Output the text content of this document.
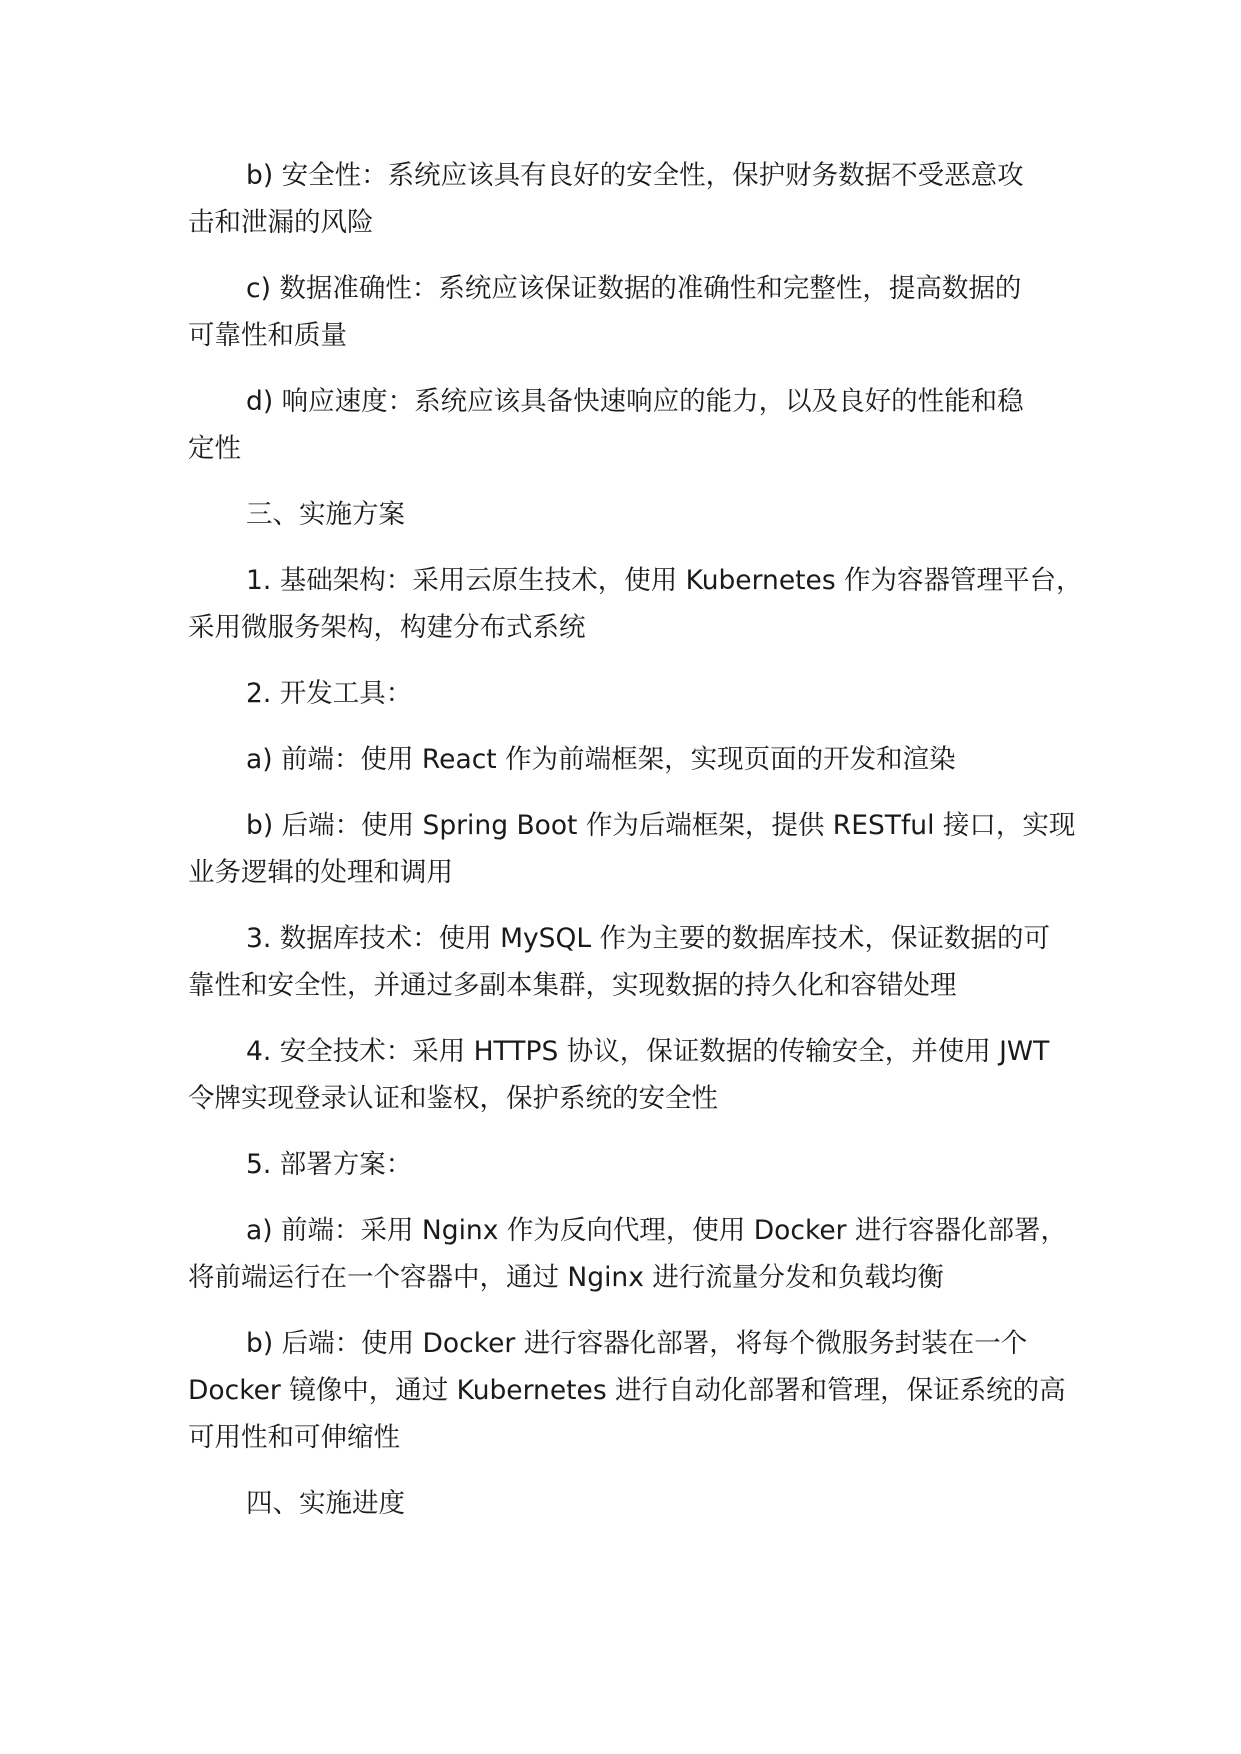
b) 安全性：系统应该具有良好的安全性，保护财务数据不受恶意攻
击和泄漏的风险

c) 数据准确性：系统应该保证数据的准确性和完整性，提高数据的
可靠性和质量

d) 响应速度：系统应该具备快速响应的能力，以及良好的性能和稳
定性

三、实施方案

1. 基础架构：采用云原生技术，使用 Kubernetes 作为容器管理平台，
采用微服务架构，构建分布式系统

2. 开发工具：

a) 前端：使用 React 作为前端框架，实现页面的开发和渲染

b) 后端：使用 Spring Boot 作为后端框架，提供 RESTful 接口，实现
业务逻辑的处理和调用

3. 数据库技术：使用 MySQL 作为主要的数据库技术，保证数据的可
靠性和安全性，并通过多副本集群，实现数据的持久化和容错处理

4. 安全技术：采用 HTTPS 协议，保证数据的传输安全，并使用 JWT
令牌实现登录认证和鉴权，保护系统的安全性

5. 部署方案：

a) 前端：采用 Nginx 作为反向代理，使用 Docker 进行容器化部署，
将前端运行在一个容器中，通过 Nginx 进行流量分发和负载均衡

b) 后端：使用 Docker 进行容器化部署，将每个微服务封装在一个
Docker 镜像中，通过 Kubernetes 进行自动化部署和管理，保证系统的高
可用性和可伸缩性

四、实施进度
